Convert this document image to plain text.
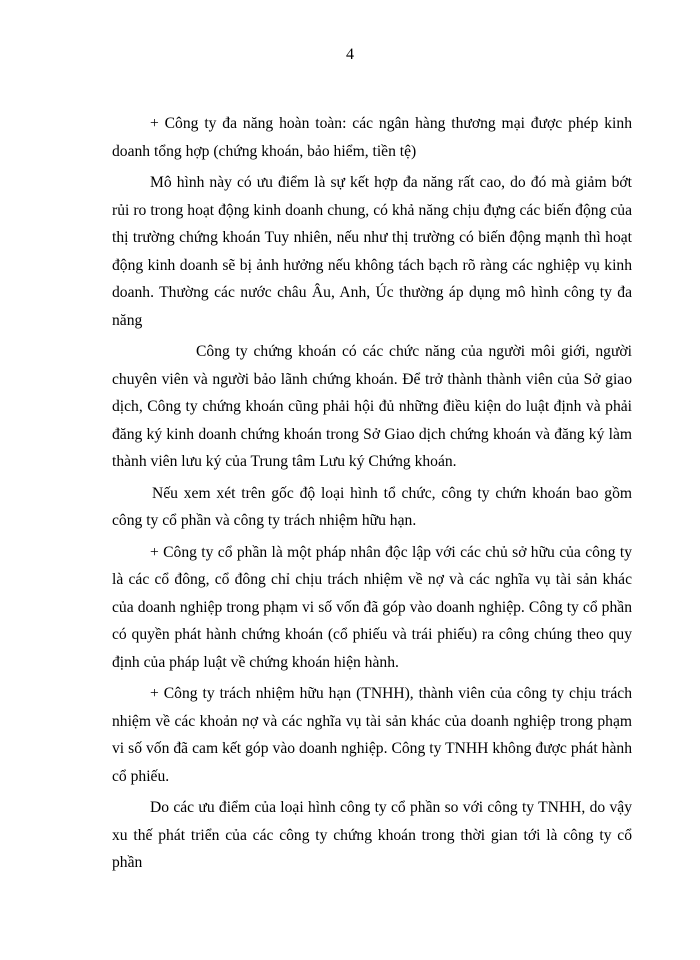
4

+ Công ty đa năng hoàn toàn: các ngân hàng thương mại được phép kinh doanh tổng hợp (chứng khoán, bảo hiểm, tiền tệ)

Mô hình này có ưu điểm là sự kết hợp đa năng rất cao, do đó mà giảm bớt rủi ro trong hoạt động kinh doanh chung, có khả năng chịu đựng các biến động của thị trường chứng khoán Tuy nhiên, nếu như thị trường có biến động mạnh thì hoạt động kinh doanh sẽ bị ảnh hưởng nếu không tách bạch rõ ràng các nghiệp vụ kinh doanh. Thường các nước châu Âu, Anh, Úc thường áp dụng mô hình công ty đa năng

Công ty chứng khoán có các chức năng của người môi giới, người chuyên viên và người bảo lãnh chứng khoán. Để trở thành thành viên của Sở giao dịch, Công ty chứng khoán cũng phải hội đủ những điều kiện do luật định và phải đăng ký kinh doanh chứng khoán trong Sở Giao dịch chứng khoán và đăng ký làm thành viên lưu ký của Trung tâm Lưu ký Chứng khoán.

Nếu xem xét trên gốc độ loại hình tổ chức, công ty chứn khoán bao gồm công ty cổ phần và công ty trách nhiệm hữu hạn.

+ Công ty cổ phần là một pháp nhân độc lập với các chủ sở hữu của công ty là các cổ đông, cổ đông chỉ chịu trách nhiệm về nợ và các nghĩa vụ tài sản khác của doanh nghiệp trong phạm vi số vốn đã góp vào doanh nghiệp. Công ty cổ phần có quyền phát hành chứng khoán (cổ phiếu và trái phiếu) ra công chúng theo quy định của pháp luật về chứng khoán hiện hành.

+ Công ty trách nhiệm hữu hạn (TNHH), thành viên của công ty chịu trách nhiệm về các khoản nợ và các nghĩa vụ tài sản khác của doanh nghiệp trong phạm vi số vốn đã cam kết góp vào doanh nghiệp. Công ty TNHH không được phát hành cổ phiếu.

Do các ưu điểm của loại hình công ty cổ phần so với công ty TNHH, do vậy xu thế phát triển của các công ty chứng khoán trong thời gian tới là công ty cổ phần
